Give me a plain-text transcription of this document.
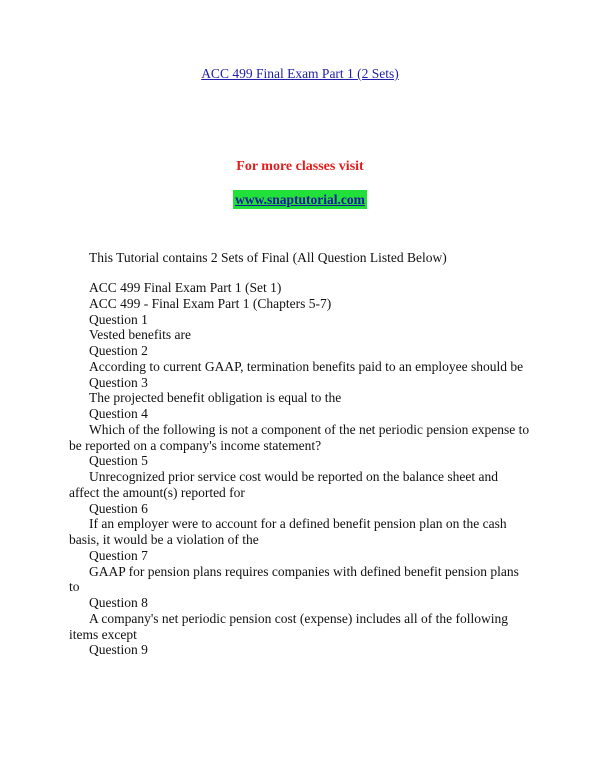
ACC 499 Final Exam Part 1 (2 Sets)
For more classes visit
www.snaptutorial.com
This Tutorial contains 2 Sets of Final (All Question Listed Below)
ACC 499 Final Exam Part 1 (Set 1)
ACC 499 - Final Exam Part 1 (Chapters 5-7)
Question 1
Vested benefits are
Question 2
According to current GAAP, termination benefits paid to an employee should be
Question 3
The projected benefit obligation is equal to the
Question 4
Which of the following is not a component of the net periodic pension expense to be reported on a company's income statement?
Question 5
Unrecognized prior service cost would be reported on the balance sheet and affect the amount(s) reported for
Question 6
If an employer were to account for a defined benefit pension plan on the cash basis, it would be a violation of the
Question 7
GAAP for pension plans requires companies with defined benefit pension plans to
Question 8
A company's net periodic pension cost (expense) includes all of the following items except
Question 9
